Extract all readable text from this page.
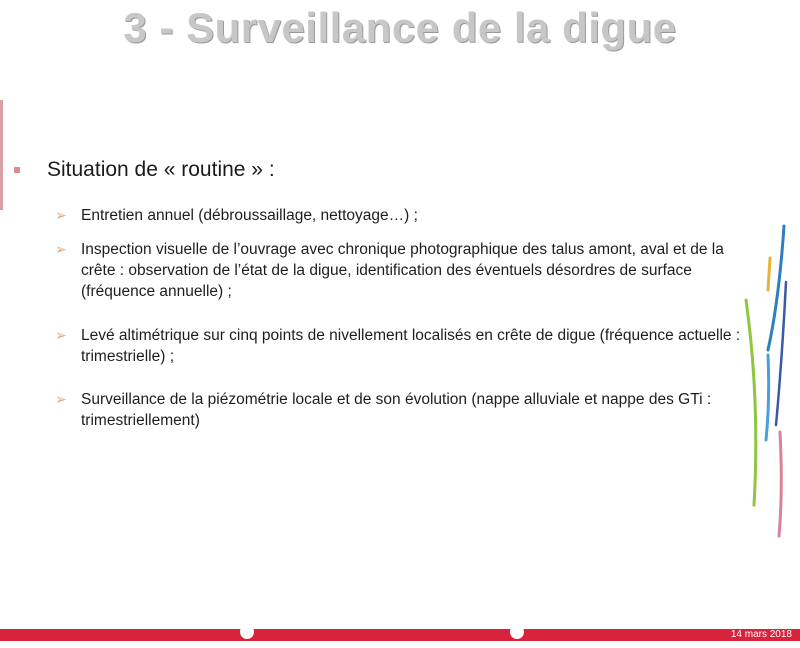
3 - Surveillance de la digue
Situation de « routine » :
➢ Entretien annuel (débroussaillage, nettoyage…) ;
➢ Inspection visuelle de l’ouvrage avec chronique photographique des talus amont, aval et de la crête : observation de l’état de la digue, identification des éventuels désordres de surface (fréquence annuelle) ;
➢ Levé altimétrique sur cinq points de nivellement localisés en crête de digue (fréquence actuelle : trimestrielle) ;
➢ Surveillance de la piézométrie locale et de son évolution (nappe alluviale et nappe des GTi : trimestriellement)
14 mars 2018
